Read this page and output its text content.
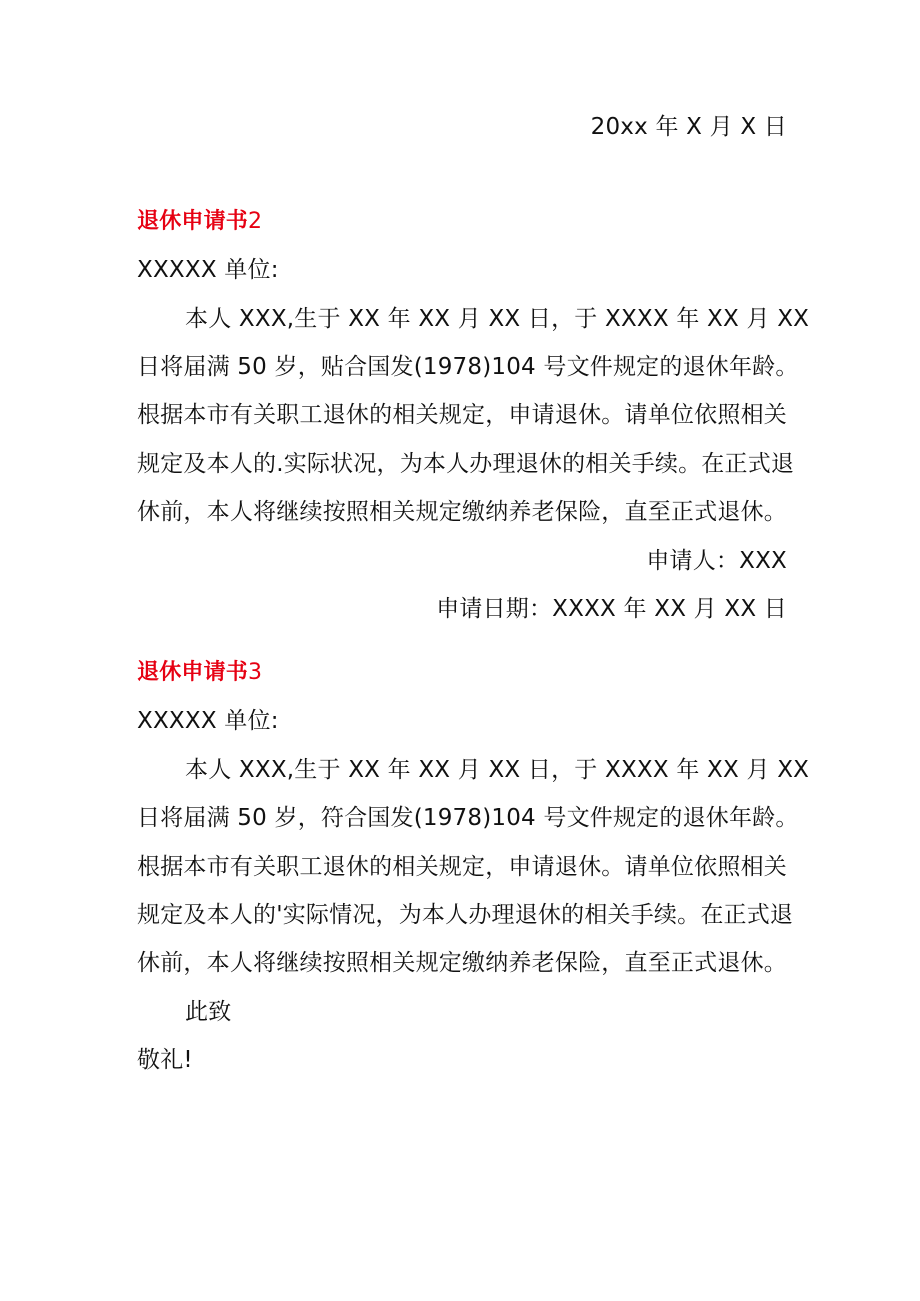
20xx 年 X 月 X 日
退休申请书2
XXXXX 单位:
本人 XXX,生于 XX 年 XX 月 XX 日，于 XXXX 年 XX 月 XX
日将届满 50 岁，贴合国发(1978)104 号文件规定的退休年龄。
根据本市有关职工退休的相关规定，申请退休。请单位依照相关
规定及本人的.实际状况，为本人办理退休的相关手续。在正式退
休前，本人将继续按照相关规定缴纳养老保险，直至正式退休。
申请人：XXX
申请日期：XXXX 年 XX 月 XX 日
退休申请书3
XXXXX 单位:
本人 XXX,生于 XX 年 XX 月 XX 日，于 XXXX 年 XX 月 XX
日将届满 50 岁，符合国发(1978)104 号文件规定的退休年龄。
根据本市有关职工退休的相关规定，申请退休。请单位依照相关
规定及本人的'实际情况，为本人办理退休的相关手续。在正式退
休前，本人将继续按照相关规定缴纳养老保险，直至正式退休。
此致
敬礼!
